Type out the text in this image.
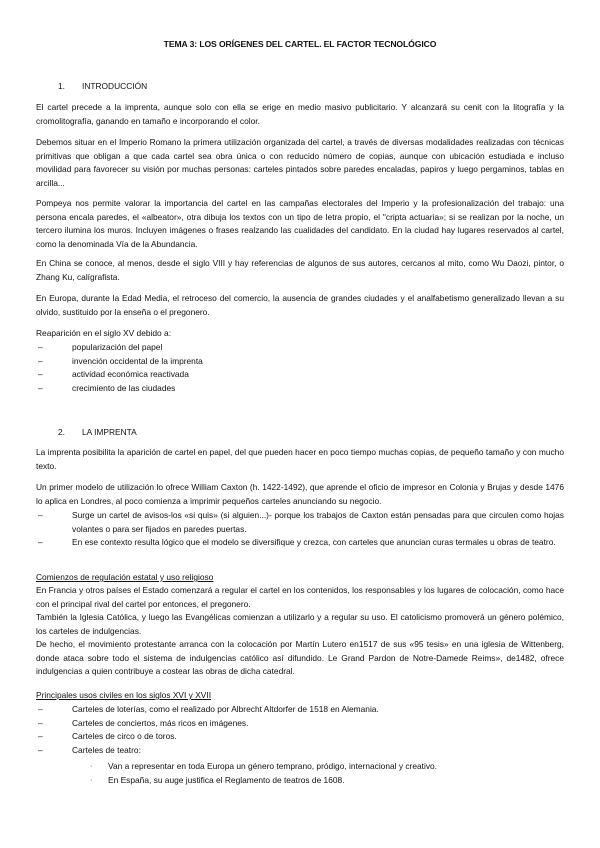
TEMA 3: LOS ORÍGENES DEL CARTEL. EL FACTOR TECNOLÓGICO
1. INTRODUCCIÓN

El cartel precede a la imprenta, aunque solo con ella se erige en medio masivo publicitario. Y alcanzará su cenit con la litografía y la cromolitografía, ganando en tamaño e incorporando el color.

Debemos situar en el Imperio Romano la primera utilización organizada del cartel, a través de diversas modalidades realizadas con técnicas primitivas que obligan a que cada cartel sea obra única o con reducido número de copias, aunque con ubicación estudiada e incluso movilidad para favorecer su visión por muchas personas: carteles pintados sobre paredes encaladas, papiros y luego pergaminos, tablas en arcilla...

Pompeya nos permite valorar la importancia del cartel en las campañas electorales del Imperio y la profesionalización del trabajo: una persona encala paredes, el «albeator», otra dibuja los textos con un tipo de letra propio, el "cripta actuaria»; si se realizan por la noche, un tercero ilumina los muros. Incluyen imágenes o frases realzando las cualidades del candidato. En la ciudad hay lugares reservados al cartel, como la denominada Vía de la Abundancia.

En China se conoce, al menos, desde el siglo VIII y hay referencias de algunos de sus autores, cercanos al mito, como Wu Daozi, pintor, o Zhang Ku, calígrafista.

En Europa, durante la Edad Media, el retroceso del comercio, la ausencia de grandes ciudades y el analfabetismo generalizado llevan a su olvido, sustituido por la enseña o el pregonero.

Reaparición en el siglo XV debido a:

–	popularización del papel
–	invención occidental de la imprenta
–	actividad económica reactivada
–	crecimiento de las ciudades
2. LA IMPRENTA

La imprenta posibilita la aparición de cartel en papel, del que pueden hacer en poco tiempo muchas copias, de pequeño tamaño y con mucho texto.

Un primer modelo de utilización lo ofrece William Caxton (h. 1422-1492), que aprende el oficio de impresor en Colonia y Brujas y desde 1476 lo aplica en Londres, al poco comienza a imprimir pequeños carteles anunciando su negocio.

–	Surge un cartel de avisos-los «si quis» (si alguien...)- porque los trabajos de Caxton están pensadas para que circulen como hojas volantes o para ser fijados en paredes puertas.
–	En ese contexto resulta lógico que el modelo se diversifique y crezca, con carteles que anuncian curas termales u obras de teatro.

Comienzos de regulación estatal y uso religioso

En Francia y otros países el Estado comenzará a regular el cartel en los contenidos, los responsables y los lugares de colocación, como hace con el principal rival del cartel por entonces, el pregonero.

También la Iglesia Católica, y luego las Evangélicas comienzan a utilizarlo y a regular su uso. El catolicismo promoverá un género polémico, los carteles de indulgencias.

De hecho, el movimiento protestante arranca con la colocación por Martín Lutero en1517 de sus «95 tesis» en una iglesia de Wittenberg, donde ataca sobre todo el sistema de indulgencias católico así difundido. Le Grand Pardon de Notre-Damede Reims», de1482, ofrece indulgencias a quien contribuye a costear las obras de dicha catedral.

Principales usos civiles en los siglos XVI y XVII

–	Carteles de loterías, como el realizado por Albrecht Altdorfer de 1518 en Alemania.
–	Carteles de conciertos, más ricos en imágenes.
–	Carteles de circo o de toros.
–	Carteles de teatro:
· Van a representar en toda Europa un género temprano, pródigo, internacional y creativo.
· En España, su auge justifica el Reglamento de teatros de 1608.
